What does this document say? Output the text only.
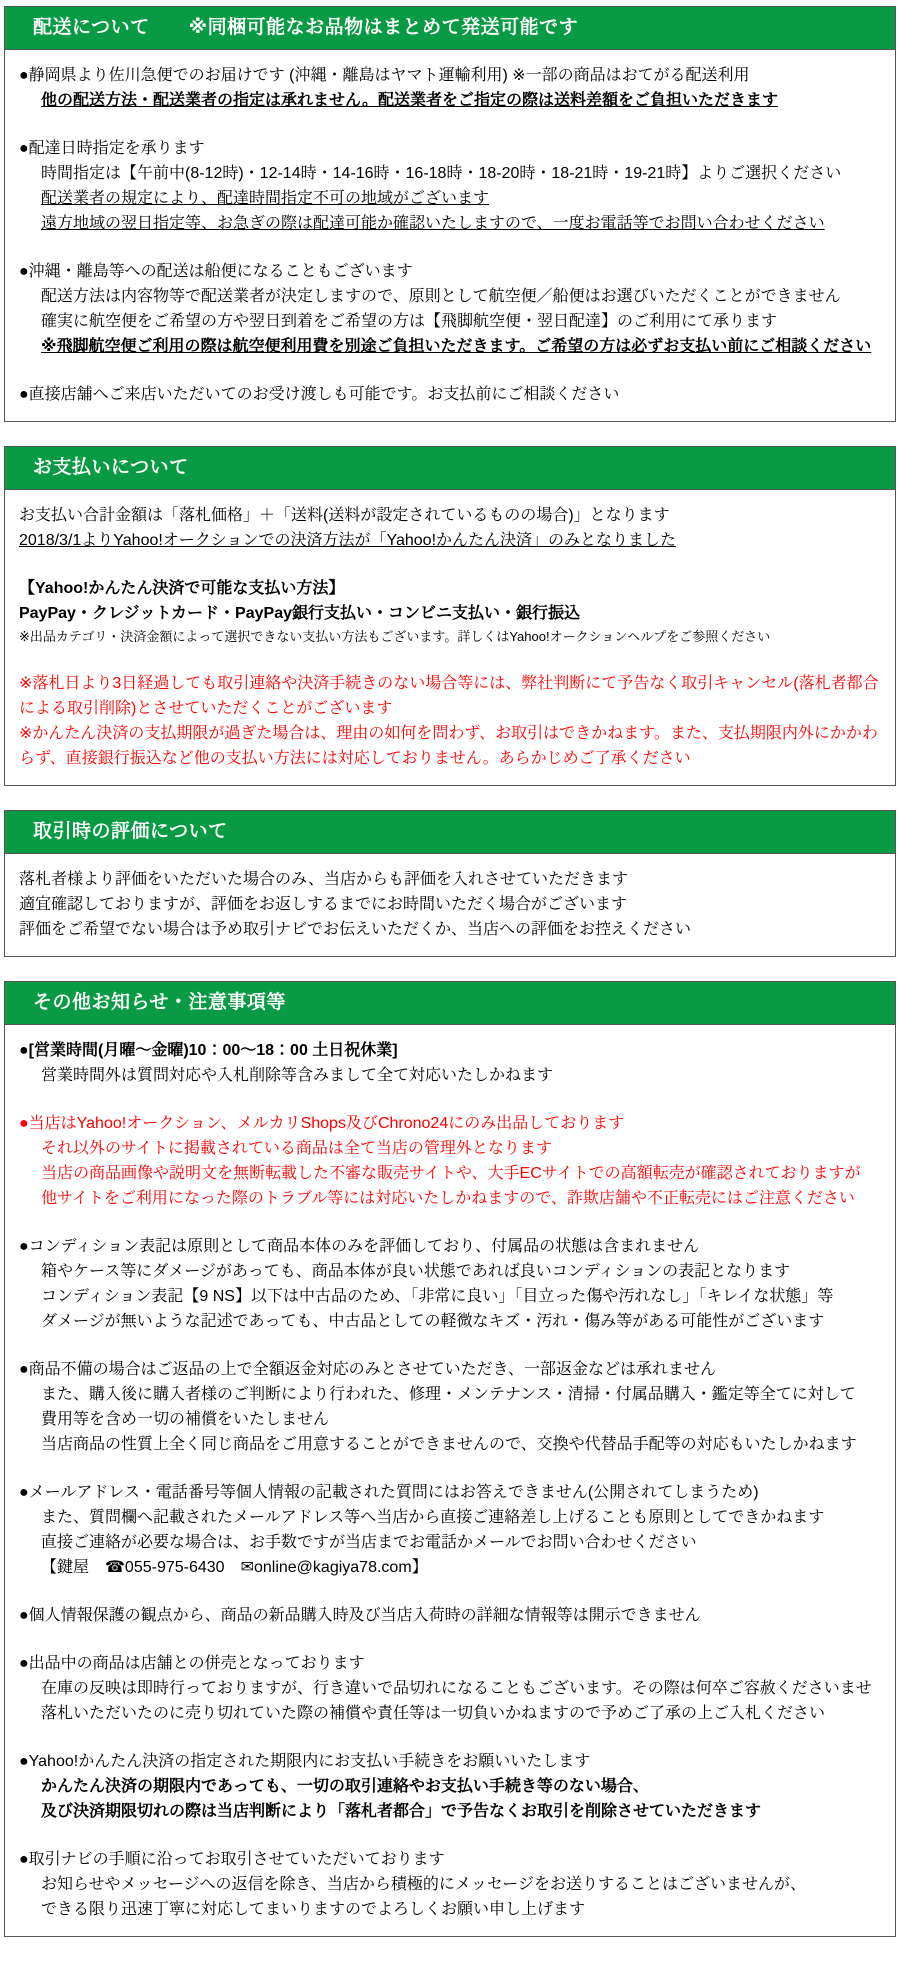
配送について　　※同梱可能なお品物はまとめて発送可能です
●静岡県より佐川急便でのお届けです (沖縄・離島はヤマト運輸利用) ※一部の商品はおてがる配送利用
他の配送方法・配送業者の指定は承れません。配送業者をご指定の際は送料差額をご負担いただきます
●配達日時指定を承ります
時間指定は【午前中(8-12時)・12-14時・14-16時・16-18時・18-20時・18-21時・19-21時】よりご選択ください
配送業者の規定により、配達時間指定不可の地域がございます
遠方地域の翌日指定等、お急ぎの際は配達可能か確認いたしますので、一度お電話等でお問い合わせください
●沖縄・離島等への配送は船便になることもございます
配送方法は内容物等で配送業者が決定しますので、原則として航空便／船便はお選びいただくことができません
確実に航空便をご希望の方や翌日到着をご希望の方は【飛脚航空便・翌日配達】のご利用にて承ります
※飛脚航空便ご利用の際は航空便利用費を別途ご負担いただきます。ご希望の方は必ずお支払い前にご相談ください
●直接店舗へご来店いただいてのお受け渡しも可能です。お支払前にご相談ください
お支払いについて
お支払い合計金額は「落札価格」＋「送料(送料が設定されているものの場合)」となります
2018/3/1よりYahoo!オークションでの決済方法が「Yahoo!かんたん決済」のみとなりました
【Yahoo!かんたん決済で可能な支払い方法】
PayPay・クレジットカード・PayPay銀行支払い・コンビニ支払い・銀行振込
※出品カテゴリ・決済金額によって選択できない支払い方法もございます。詳しくはYahoo!オークションヘルプをご参照ください
※落札日より3日経過しても取引連絡や決済手続きのない場合等には、弊社判断にて予告なく取引キャンセル(落札者都合による取引削除)とさせていただくことがございます
※かんたん決済の支払期限が過ぎた場合は、理由の如何を問わず、お取引はできかねます。また、支払期限内外にかかわらず、直接銀行振込など他の支払い方法には対応しておりません。あらかじめご了承ください
取引時の評価について
落札者様より評価をいただいた場合のみ、当店からも評価を入れさせていただきます
適宜確認しておりますが、評価をお返しするまでにお時間いただく場合がございます
評価をご希望でない場合は予め取引ナビでお伝えいただくか、当店への評価をお控えください
その他お知らせ・注意事項等
●[営業時間(月曜～金曜)10：00～18：00 土日祝休業]
営業時間外は質問対応や入札削除等含みまして全て対応いたしかねます
●当店はYahoo!オークション、メルカリShops及びChrono24にのみ出品しております
それ以外のサイトに掲載されている商品は全て当店の管理外となります
当店の商品画像や説明文を無断転載した不審な販売サイトや、大手ECサイトでの高額転売が確認されておりますが
他サイトをご利用になった際のトラブル等には対応いたしかねますので、詐欺店舗や不正転売にはご注意ください
●コンディション表記は原則として商品本体のみを評価しており、付属品の状態は含まれません
箱やケース等にダメージがあっても、商品本体が良い状態であれば良いコンディションの表記となります
コンディション表記【9 NS】以下は中古品のため、「非常に良い」「目立った傷や汚れなし」「キレイな状態」等
ダメージが無いような記述であっても、中古品としての軽微なキズ・汚れ・傷み等がある可能性がございます
●商品不備の場合はご返品の上で全額返金対応のみとさせていただき、一部返金などは承れません
また、購入後に購入者様のご判断により行われた、修理・メンテナンス・清掃・付属品購入・鑑定等全てに対して
費用等を含め一切の補償をいたしません
当店商品の性質上全く同じ商品をご用意することができませんので、交換や代替品手配等の対応もいたしかねます
●メールアドレス・電話番号等個人情報の記載された質問にはお答えできません(公開されてしまうため)
また、質問欄へ記載されたメールアドレス等へ当店から直接ご連絡差し上げることも原則としてできかねます
直接ご連絡が必要な場合は、お手数ですが当店までお電話かメールでお問い合わせください
【鍵屋　☎055-975-6430　✉online@kagiya78.com】
●個人情報保護の観点から、商品の新品購入時及び当店入荷時の詳細な情報等は開示できません
●出品中の商品は店舗との併売となっております
在庫の反映は即時行っておりますが、行き違いで品切れになることもございます。その際は何卒ご容赦くださいませ
落札いただいたのに売り切れていた際の補償や責任等は一切負いかねますので予めご了承の上ご入札ください
●Yahoo!かんたん決済の指定された期限内にお支払い手続きをお願いいたします
かんたん決済の期限内であっても、一切の取引連絡やお支払い手続き等のない場合、
及び決済期限切れの際は当店判断により「落札者都合」で予告なくお取引を削除させていただきます
●取引ナビの手順に沿ってお取引させていただいております
お知らせやメッセージへの返信を除き、当店から積極的にメッセージをお送りすることはございませんが、
できる限り迅速丁寧に対応してまいりますのでよろしくお願い申し上げます
